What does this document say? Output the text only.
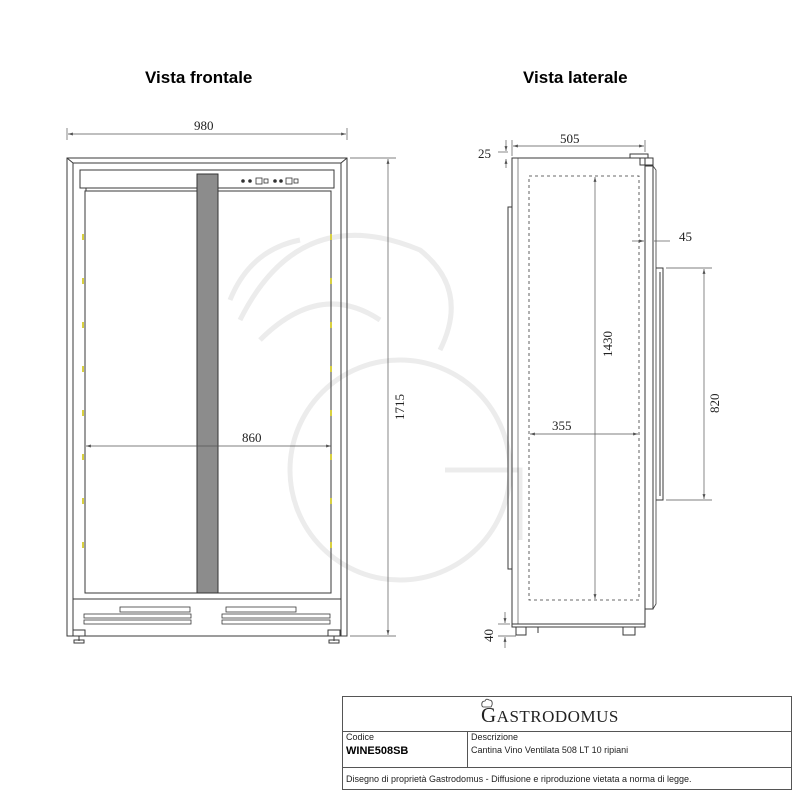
Vista frontale	Vista laterale
980
860
1715
505
25
45
1430
355
820
40
GASTRODOMUS
Codice
WINE508SB
Descrizione
Cantina Vino Ventilata 508 LT 10 ripiani
Disegno di proprietà Gastrodomus - Diffusione e riproduzione vietata a norma di legge.
